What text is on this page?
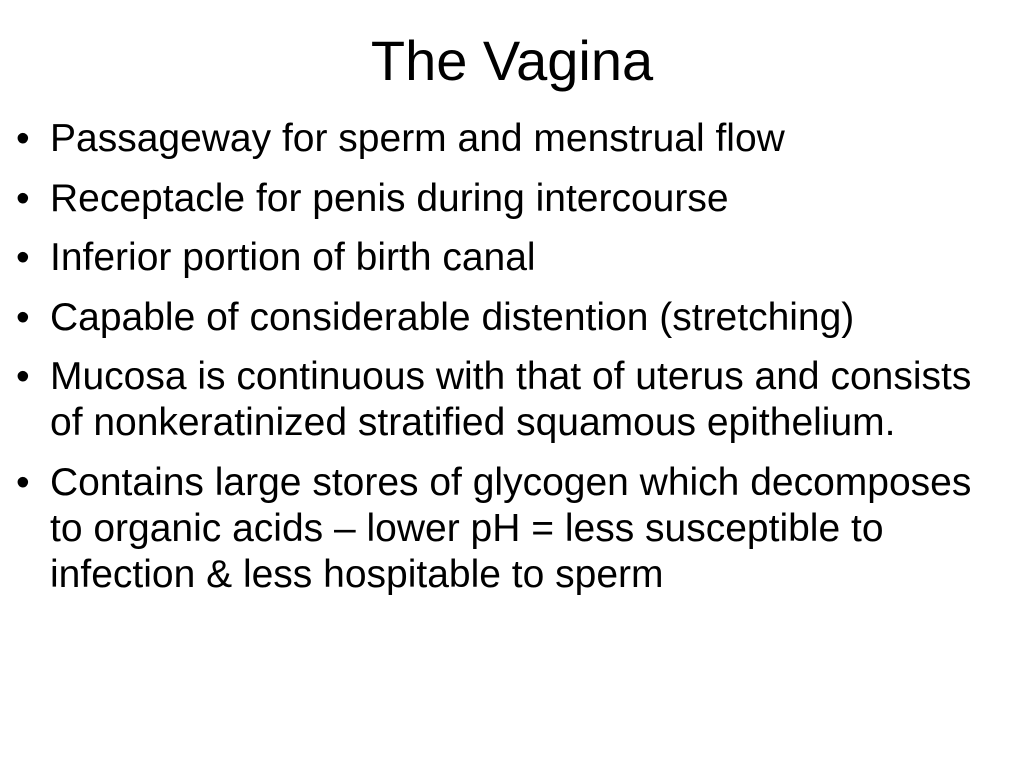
The Vagina
• Passageway for sperm and menstrual flow
• Receptacle for penis during intercourse
• Inferior portion of birth canal
• Capable of considerable distention (stretching)
• Mucosa is continuous with that of uterus and consists of nonkeratinized stratified squamous epithelium.
• Contains large stores of glycogen which decomposes to organic acids – lower pH = less susceptible to infection & less hospitable to sperm
